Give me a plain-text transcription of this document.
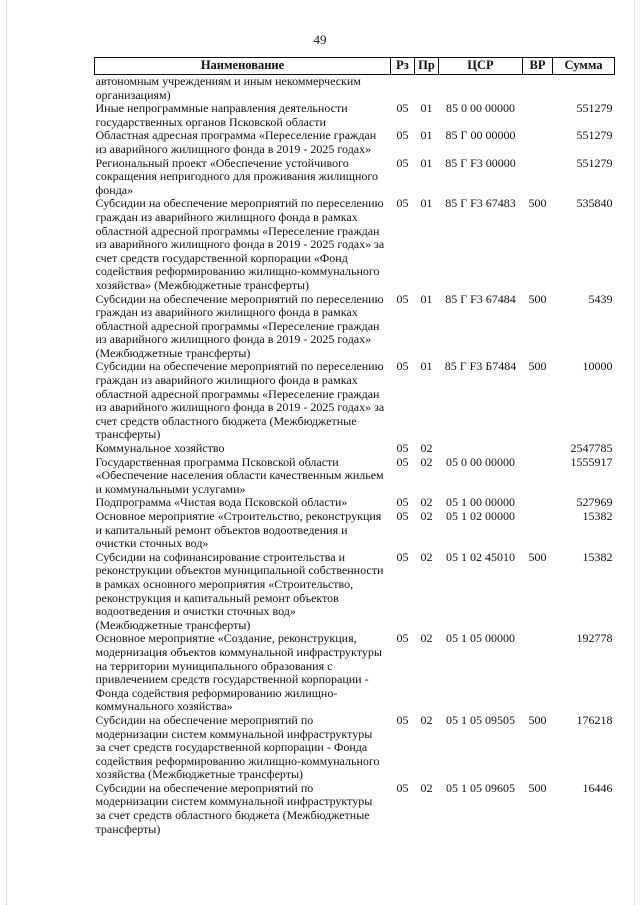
49
Наименование	Рз	Пр	ЦСР	ВР	Сумма
автономным учреждениям и иным некоммерческим организациям)					
Иные непрограммные направления деятельности государственных органов Псковской области	05	01	85 0 00 00000		551279
Областная адресная программа «Переселение граждан из аварийного жилищного фонда в 2019 - 2025 годах»	05	01	85 Г 00 00000		551279
Региональный проект «Обеспечение устойчивого сокращения непригодного для проживания жилищного фонда»	05	01	85 Г F3 00000		551279
Субсидии на обеспечение мероприятий по переселению граждан из аварийного жилищного фонда в рамках областной адресной программы «Переселение граждан из аварийного жилищного фонда в 2019 - 2025 годах» за счет средств государственной корпорации «Фонд содействия реформированию жилищно-коммунального хозяйства» (Межбюджетные трансферты)	05	01	85 Г F3 67483	500	535840
Субсидии на обеспечение мероприятий по переселению граждан из аварийного жилищного фонда в рамках областной адресной программы «Переселение граждан из аварийного жилищного фонда в 2019 - 2025 годах» (Межбюджетные трансферты)	05	01	85 Г F3 67484	500	5439
Субсидии на обеспечение мероприятий по переселению граждан из аварийного жилищного фонда в рамках областной адресной программы «Переселение граждан из аварийного жилищного фонда в 2019 - 2025 годах» за счет средств областного бюджета (Межбюджетные трансферты)	05	01	85 Г F3 Б7484	500	10000
Коммунальное хозяйство	05	02			2547785
Государственная программа Псковской области «Обеспечение населения области качественным жильем и коммунальными услугами»	05	02	05 0 00 00000		1555917
Подпрограмма «Чистая вода Псковской области»	05	02	05 1 00 00000		527969
Основное мероприятие «Строительство, реконструкция и капитальный ремонт объектов водоотведения и очистки сточных вод»	05	02	05 1 02 00000		15382
Субсидии на софинансирование строительства и реконструкции объектов муниципальной собственности в рамках основного мероприятия «Строительство, реконструкция и капитальный ремонт объектов водоотведения и очистки сточных вод» (Межбюджетные трансферты)	05	02	05 1 02 45010	500	15382
Основное мероприятие «Создание, реконструкция, модернизация объектов коммунальной инфраструктуры на территории муниципального образования с привлечением средств государственной корпорации - Фонда содействия реформированию жилищно-коммунального хозяйства»	05	02	05 1 05 00000		192778
Субсидии на обеспечение мероприятий по модернизации систем коммунальной инфраструктуры за счет средств государственной корпорации - Фонда содействия реформированию жилищно-коммунального хозяйства (Межбюджетные трансферты)	05	02	05 1 05 09505	500	176218
Субсидии на обеспечение мероприятий по модернизации систем коммунальной инфраструктуры за счет средств областного бюджета (Межбюджетные трансферты)	05	02	05 1 05 09605	500	16446
